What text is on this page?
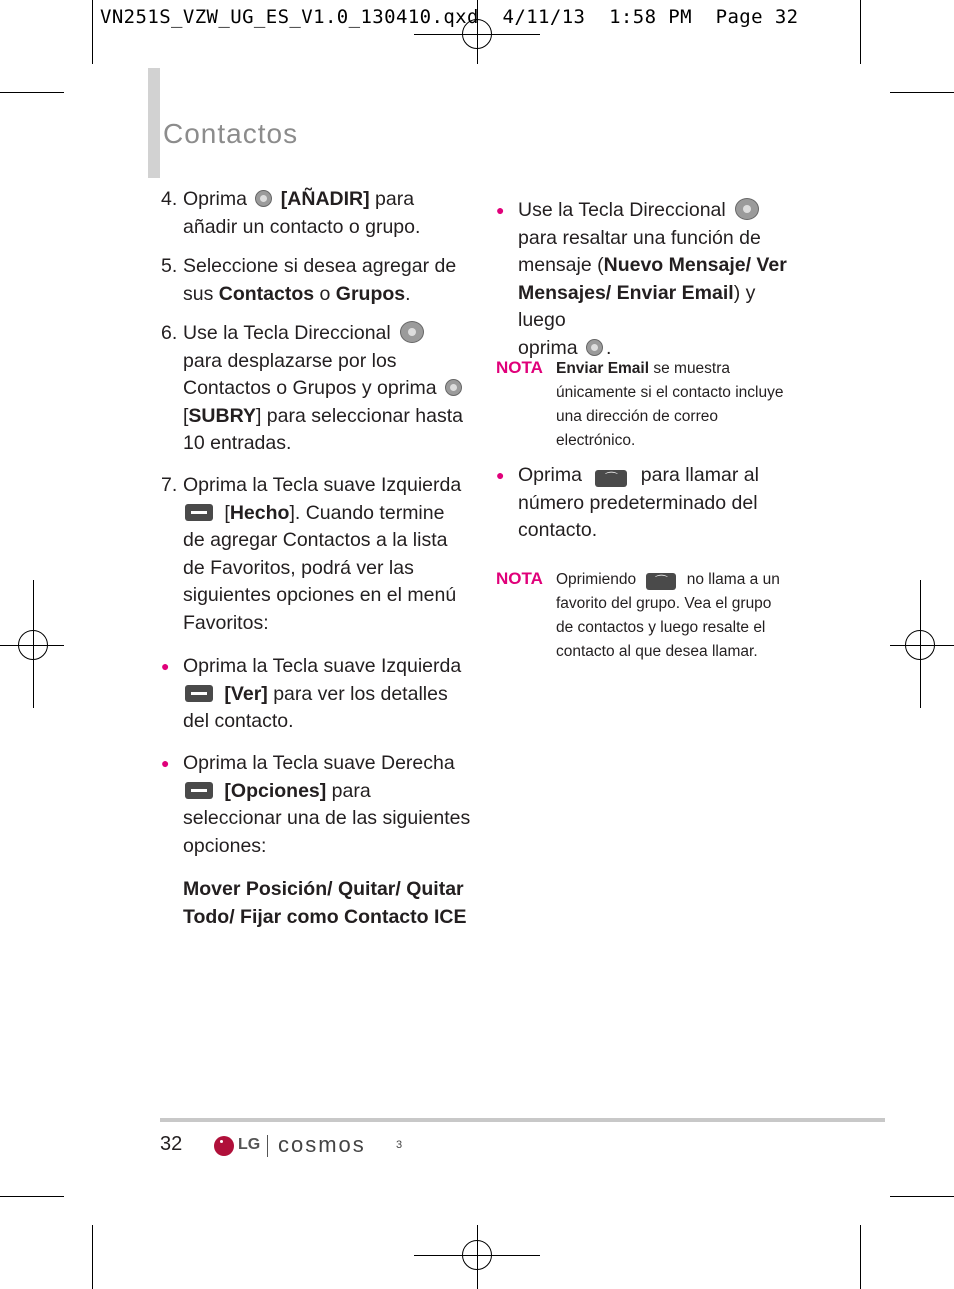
VN251S_VZW_UG_ES_V1.0_130410.qxd  4/11/13  1:58 PM  Page 32
Contactos
4. Oprima [AÑADIR] para
añadir un contacto o grupo.
5. Seleccione si desea agregar de
sus Contactos o Grupos.
6. Use la Tecla Direccional
para desplazarse por los
Contactos o Grupos y oprima
[SUBRY] para seleccionar hasta
10 entradas.
7. Oprima la Tecla suave Izquierda
[Hecho]. Cuando termine
de agregar Contactos a la lista
de Favoritos, podrá ver las
siguientes opciones en el menú
Favoritos:
● Oprima la Tecla suave Izquierda
[Ver] para ver los detalles
del contacto.
● Oprima la Tecla suave Derecha
[Opciones] para
seleccionar una de las siguientes
opciones:
Mover Posición/ Quitar/ Quitar
Todo/ Fijar como Contacto ICE
● Use la Tecla Direccional
para resaltar una función de
mensaje (Nuevo Mensaje/ Ver
Mensajes/ Enviar Email) y luego
oprima .
NOTA Enviar Email se muestra
únicamente si el contacto incluye
una dirección de correo
electrónico.
● Oprima ⌒ para llamar al
número predeterminado del
contacto.
NOTA Oprimiendo ⌒ no llama a un
favorito del grupo. Vea el grupo
de contactos y luego resalte el
contacto al que desea llamar.
32	LG cosmos	3
